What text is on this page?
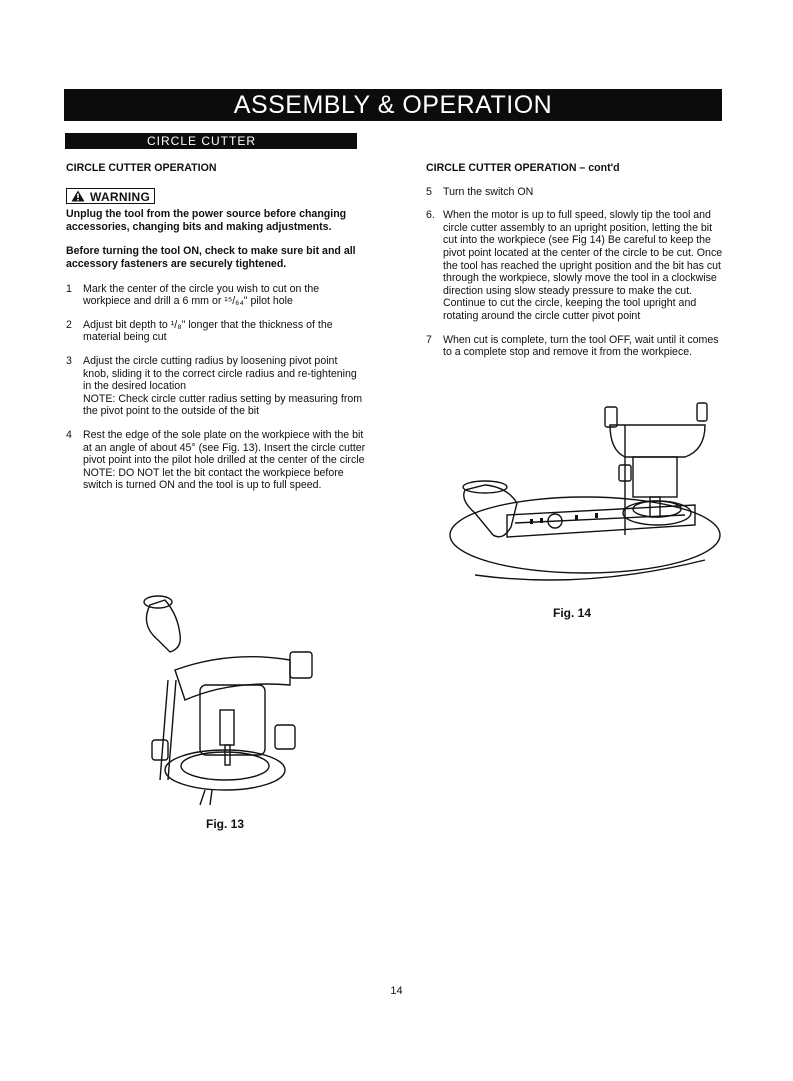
ASSEMBLY & OPERATION
CIRCLE CUTTER
CIRCLE CUTTER OPERATION
WARNING
Unplug the tool from the power source before changing accessories, changing bits and making adjustments.
Before turning the tool ON, check to make sure bit and all accessory fasteners are securely tightened.
1 Mark the center of the circle you wish to cut on the workpiece and drill a 6 mm or ¹⁵/₆₄" pilot hole
2 Adjust bit depth to ¹/₈" longer that the thickness of the material being cut
3 Adjust the circle cutting radius by loosening pivot point knob, sliding it to the correct circle radius and re-tightening in the desired location
NOTE: Check circle cutter radius setting by measuring from the pivot point to the outside of the bit
4 Rest the edge of the sole plate on the workpiece with the bit at an angle of about 45° (see Fig. 13). Insert the circle cutter pivot point into the pilot hole drilled at the center of the circle
NOTE: DO NOT let the bit contact the workpiece before switch is turned ON and the tool is up to full speed.
CIRCLE CUTTER OPERATION – cont'd
5 Turn the switch ON
6. When the motor is up to full speed, slowly tip the tool and circle cutter assembly to an upright position, letting the bit cut into the workpiece (see Fig 14) Be careful to keep the pivot point located at the center of the circle to be cut. Once the tool has reached the upright position and the bit has cut through the workpiece, slowly move the tool in a clockwise direction using slow steady pressure to make the cut. Continue to cut the circle, keeping the tool upright and rotating around the circle cutter pivot point
7 When cut is complete, turn the tool OFF, wait until it comes to a complete stop and remove it from the workpiece.
Fig. 14
Fig. 13
14
